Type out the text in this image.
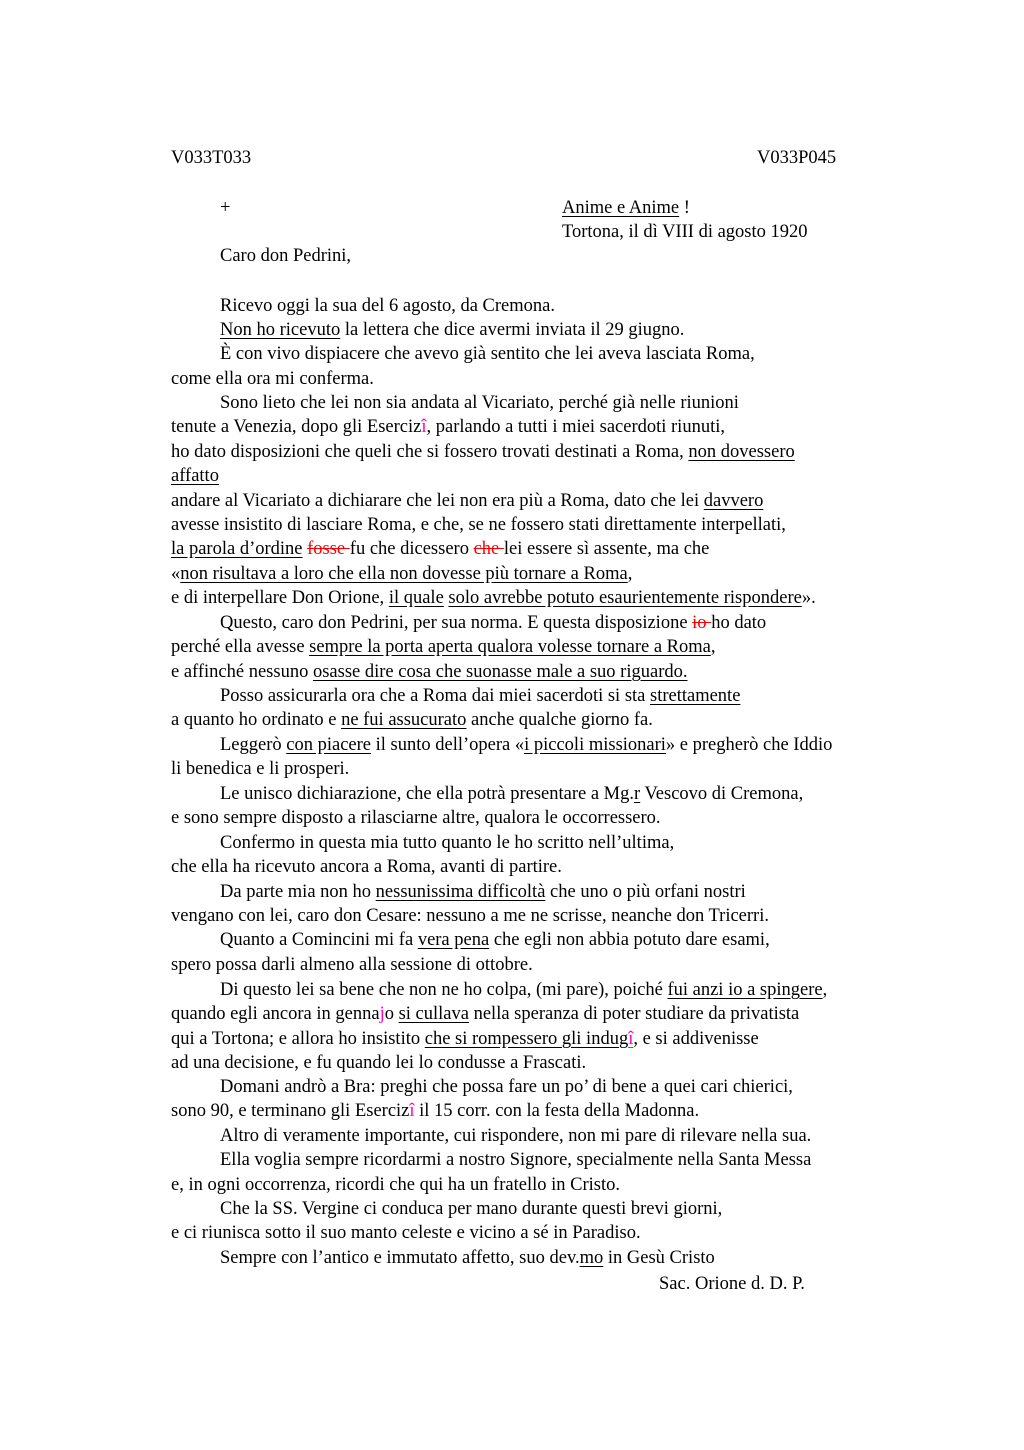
V033T033	V033P045
+	Anime e Anime !
Tortona, il dì VIII di agosto 1920
Caro don Pedrini,
Ricevo oggi la sua del 6 agosto, da Cremona.
Non ho ricevuto la lettera che dice avermi inviata il 29 giugno.
È con vivo dispiacere che avevo già sentito che lei aveva lasciata Roma,
come ella ora mi conferma.
Sono lieto che lei non sia andata al Vicariato, perché già nelle riunioni
tenute a Venezia, dopo gli Esercizî, parlando a tutti i miei sacerdoti riunuti,
ho dato disposizioni che queli che si fossero trovati destinati a Roma, non dovessero
affatto
andare al Vicariato a dichiarare che lei non era più a Roma, dato che lei davvero
avesse insistito di lasciare Roma, e che, se ne fossero stati direttamente interpellati,
la parola d’ordine fosse fu che dicessero che lei essere sì assente, ma che
«non risultava a loro che ella non dovesse più tornare a Roma,
e di interpellare Don Orione, il quale solo avrebbe potuto esaurientemente rispondere».
Questo, caro don Pedrini, per sua norma. E questa disposizione io ho dato
perché ella avesse sempre la porta aperta qualora volesse tornare a Roma,
e affinché nessuno osasse dire cosa che suonasse male a suo riguardo.
Posso assicurarla ora che a Roma dai miei sacerdoti si sta strettamente
a quanto ho ordinato e ne fui assucurato anche qualche giorno fa.
Leggerò con piacere il sunto dell’opera «i piccoli missionari» e pregherò che Iddio
li benedica e li prosperi.
Le unisco dichiarazione, che ella potrà presentare a Mg.r Vescovo di Cremona,
e sono sempre disposto a rilasciarne altre, qualora le occorressero.
Confermo in questa mia tutto quanto le ho scritto nell’ultima,
che ella ha ricevuto ancora a Roma, avanti di partire.
Da parte mia non ho nessunissima difficoltà che uno o più orfani nostri
vengano con lei, caro don Cesare: nessuno a me ne scrisse, neanche don Tricerri.
Quanto a Comincini mi fa vera pena che egli non abbia potuto dare esami,
spero possa darli almeno alla sessione di ottobre.
Di questo lei sa bene che non ne ho colpa, (mi pare), poiché fui anzi io a spingere,
quando egli ancora in gennajo si cullava nella speranza di poter studiare da privatista
qui a Tortona; e allora ho insistito che si rompessero gli indugî, e si addivenisse
ad una decisione, e fu quando lei lo condusse a Frascati.
Domani andrò a Bra: preghi che possa fare un po’ di bene a quei cari chierici,
sono 90, e terminano gli Esercizî il 15 corr. con la festa della Madonna.
Altro di veramente importante, cui rispondere, non mi pare di rilevare nella sua.
Ella voglia sempre ricordarmi a nostro Signore, specialmente nella Santa Messa
e, in ogni occorrenza, ricordi che qui ha un fratello in Cristo.
Che la SS. Vergine ci conduca per mano durante questi brevi giorni,
e ci riunisca sotto il suo manto celeste e vicino a sé in Paradiso.
Sempre con l’antico e immutato affetto, suo dev.mo in Gesù Cristo
Sac. Orione d. D. P.
